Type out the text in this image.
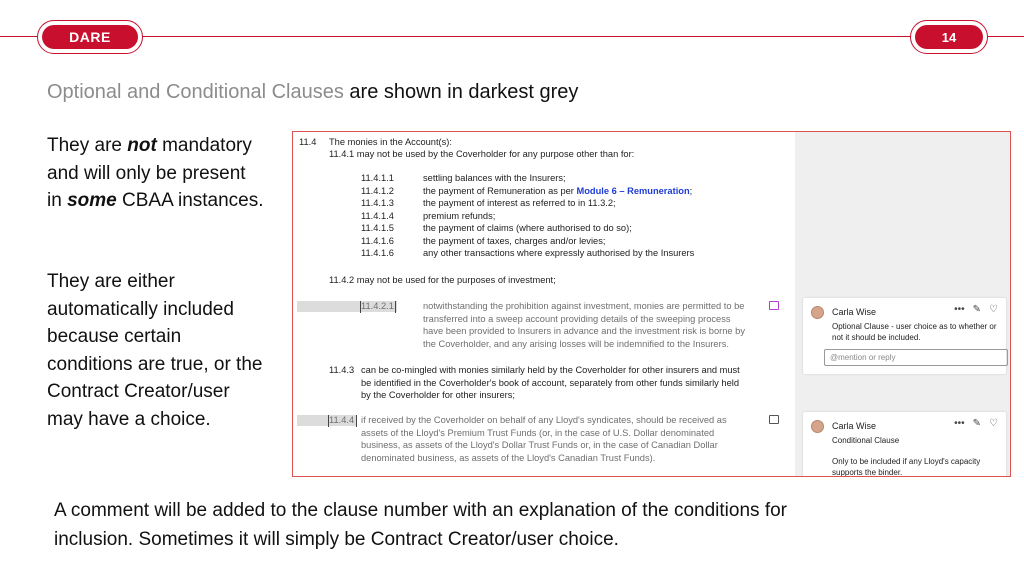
DARE	14
Optional and Conditional Clauses are shown in darkest grey
They are not mandatory
and will only be present
in some CBAA instances.
They are either
automatically included
because certain
conditions are true, or the
Contract Creator/user
may have a choice.
11.4 The monies in the Account(s):
11.4.1 may not be used by the Coverholder for any purpose other than for:
11.4.1.1	settling balances with the Insurers;
11.4.1.2	the payment of Remuneration as per Module 6 – Remuneration;
11.4.1.3	the payment of interest as referred to in 11.3.2;
11.4.1.4	premium refunds;
11.4.1.5	the payment of claims (where authorised to do so);
11.4.1.6	the payment of taxes, charges and/or levies;
11.4.1.6	any other transactions where expressly authorised by the Insurers
11.4.2 may not be used for the purposes of investment;
11.4.2.1	notwithstanding the prohibition against investment, monies are permitted to be
transferred into a sweep account providing details of the sweeping process
have been provided to Insurers in advance and the investment risk is borne by
the Coverholder, and any arising losses will be indemnified to the Insurers.
11.4.3 can be co-mingled with monies similarly held by the Coverholder for other insurers and must
be identified in the Coverholder's book of account, separately from other funds similarly held
by the Coverholder for other insurers;
11.4.4 if received by the Coverholder on behalf of any Lloyd's syndicates, should be received as
assets of the Lloyd's Premium Trust Funds (or, in the case of U.S. Dollar denominated
business, as assets of the Lloyd's Dollar Trust Funds or, in the case of Canadian Dollar
denominated business, as assets of the Lloyd's Canadian Trust Funds).
Carla Wise	••• ✎ ♡
Optional Clause - user choice as to whether or
not it should be included.
@mention or reply
Carla Wise	••• ✎ ♡
Conditional Clause
Only to be included if any Lloyd's capacity
supports the binder.
A comment will be added to the clause number with an explanation of the conditions for
inclusion. Sometimes it will simply be Contract Creator/user choice.
